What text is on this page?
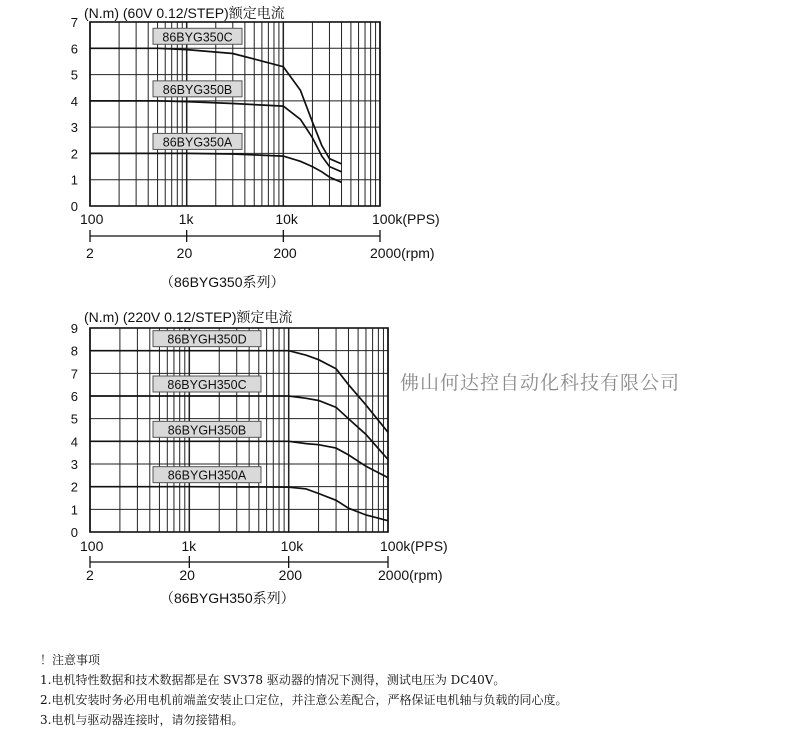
(N.m) (60V 0.12/STEP)额定电流
0
1
2
3
4
5
6
7
100	1k	10k	100k(PPS)
2	20	200	2000(rpm)
86BYG350C
86BYG350B
86BYG350A
（86BYG350系列）
(N.m) (220V 0.12/STEP)额定电流
0
1
2
3
4
5
6
7
8
9
100	1k	10k	100k(PPS)
2	20	200	2000(rpm)
86BYGH350D
86BYGH350C
86BYGH350B
86BYGH350A
（86BYGH350系列）
佛山何达控自动化科技有限公司
！注意事项
1.电机特性数据和技术数据都是在 SV378 驱动器的情况下测得，测试电压为 DC40V。
2.电机安装时务必用电机前端盖安装止口定位，并注意公差配合，严格保证电机轴与负载的同心度。
3.电机与驱动器连接时，请勿接错相。
